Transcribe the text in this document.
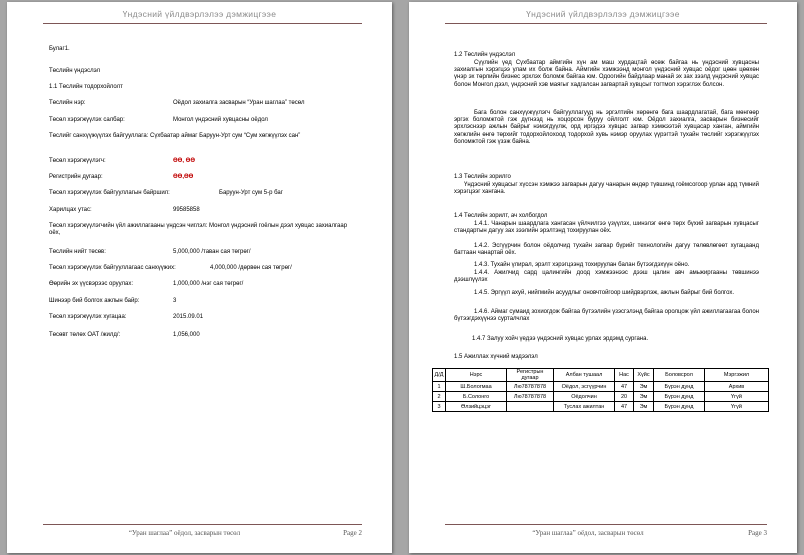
Үндэсний үйлдвэрлэлээ дэмжицгээе
Булаг1.
Төслийн үндэслэл
1.1 Төслийн тодорхойлолт
Төслийн нэр:	Оёдол захиалга засварын “Уран шаглаа” төсөл
Төсөл хэрэгжүүлэх салбар:	Монгол үндэсний хувцасны оёдол
Төслийг санхүүжүүлэх байгууллага: Сүхбаатар аймаг Баруун-Урт сум “Сум хөгжүүлэх сан”
Төсөл хэрэгжүүлэгч:	ӨӨ, ӨӨ
Регистрийн дугаар:	ӨӨ,ӨӨ
Төсөл хэрэгжүүлэх байгууллагын байршил:	Баруун-Урт сум 5-р баг
Харилцах утас:	99585858
Төсөл хэрэгжүүлэгчийн үйл ажиллагааны үндсэн чиглэл: Монгол үндэсний гоёлын дээл хувцас захиалгаар оёх,
Төслийн нийт төсөв:	5,000,000 /таван сая төгрөг/
Төсөл хэрэгжүүлэх байгууллагаас санхүүжих:	4,000,000 /дөрвөн сая төгрөг/
Өөрийн эх үүсвэрээс оруулах:	1,000,000 /нэг сая төгрөг/
Шинээр бий болгох ажлын байр:	3
Төсөл хэрэгжүүлэх хугацаа:	2015.09.01
Төсөвт төлөх ОАТ /жилд/:	1,056,000
“Уран шаглаа” оёдол, засварын төсөл	Page 2
Үндэсний үйлдвэрлэлээ дэмжицгээе
1.2 Төслийн үндэслэл
Сүүлийн үед Сүхбаатар аймгийн хүн ам маш хурдацтай өсөж байгаа нь үндэсний хувцасны захиалгын хэрэгцээ улам их болж байна. Аймгийн хэмжээнд монгол үндэсний хувцас оёдог цөөн цөөхөн үнэр эх төрлийн бизнес эрхлэх боломж байгаа юм. Одоогийн байдлаар манай эх зах зээлд үндэсний хувцас болон Монгол дээл, үндэсний хэв маягыг хадгалсан загвартай хувцсыг тогтмол хэрэглэх болсон.
Бага болон санхүүжүүлэгч байгууллагууд нь эргэлтийн хөрөнгө бага шаардлагатай, бага мөнгөөр эргэх боломжтой гэж дүгнээд нь хоцорсон буруу ойлголт юм. Оёдол захиалга, засварын бизнесийг эрхлэснээр ажлын байрыг нэмэгдүүлж, орд иргэдээ хувцас загвар хэмжээтэй хувцасар ханган, аймгийн хөгжлийн өнгө төрхийг тодорхойлохоод тодорхой хувь нэмэр оруулах үүрэгтэй тухайн төслийг хэрэгжүүлэх боломжтой гэж үзэж байна.
1.3 Төслийн зорилго
Үндэсний хувцасыг хүссэн хэмжээ загварын дагуу чанарын өндөр түвшинд гоёмсогоор урлан ард түмний хэрэгцээг хангана.
1.4 Төслийн зорилт, ач холбогдол
1.4.1. Чанарын шаардлага хангасан үйлчилгээ үзүүлэх, шинэлэг өнгө төрх бүхий загварын хувцасыг стандартын дагуу зах зээлийн эрэлтэнд тохируулан оёх.
1.4.2. Эсгүүрчин болон оёдолчид тухайн загвар бүрийг технологийн дагуу төлөвлөгөөт хугацаанд баттаан чанартай оёх.
1.4.3. Тухайн үлирал, эрэлт хэрэгцээнд тохируулан балан бүтээгдэхүүн оёно.
1.4.4. Ажилчид сард цалингийн доод хэмжээнээс дээш цалин авч амьжиргааны төвшинээ дээшлүүлэх
1.4.5. Эргүүл ахуй, нийгмийн асуудлыг оновчтойгоор шийдвэрлэж, ажлын байрыг бий болгох.
1.4.6. Аймаг сумаид зохиогдож байгаа бүтээлийн үзэсгэлэнд байгаа оролцож үйл ажиллагаагаа болон бүтээгдэхүүнээ сурталчлах
1.4.7 Залуу хойч үедээ үндэсний хувцас урлах эрдэмд сургана.
1.5 Ажиллах хүчний мэдээлэл
Д/Д	Нэрс	Регистрын дугаар	Албан тушаал	Нас	Хүйс	Боловсрол	Мэргэжил
1	Ш.Бологмаа	Лю78787878	Оёдол, эсгүүрчин	47	Эм	Бүрэн дунд	Архив
2	Б.Солонго	Лю78787878	Оёдолчин	20	Эм	Бүрэн дунд	Үгүй
3	Өлзийцэцэг		Туслах ажилтан	47	Эм	Бүрэн дунд	Үгүй
“Уран шаглаа” оёдол, засварын төсөл	Page 3
